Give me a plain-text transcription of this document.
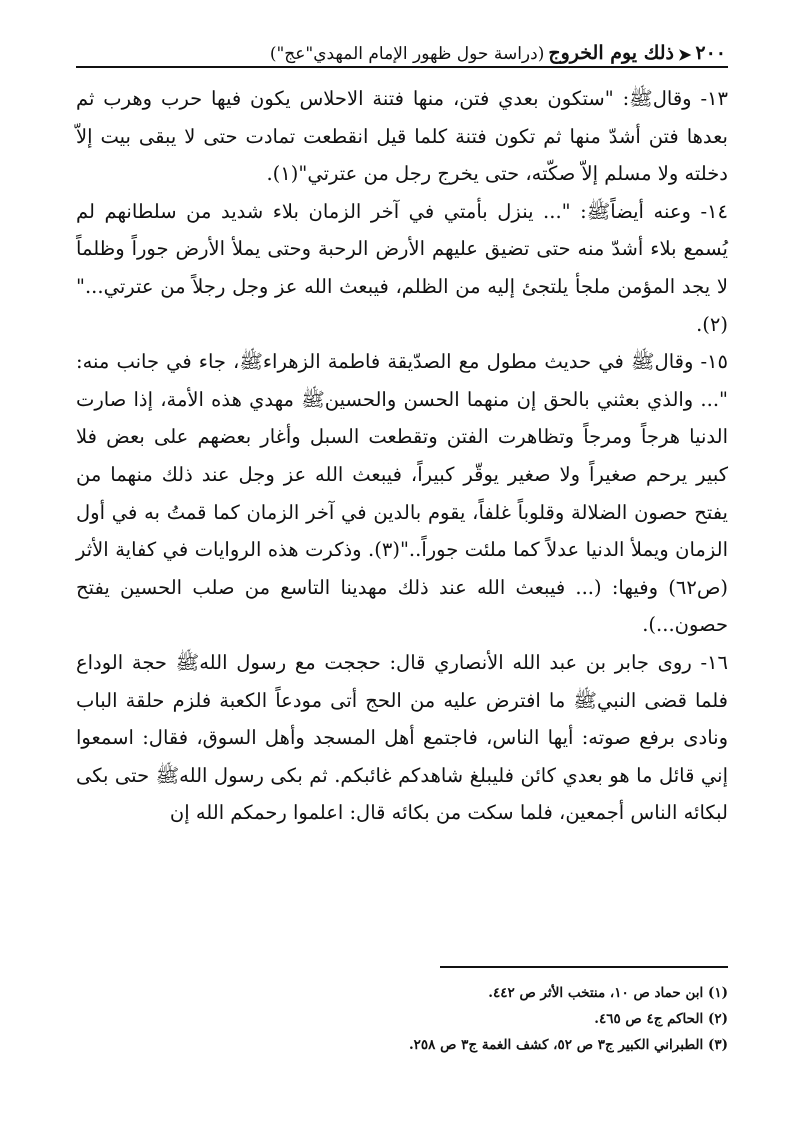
٢٠٠
➤
ذلك يوم الخروج
(دراسة حول ظهور الإمام المهدي"عج")

١٣- وقالﷺ: "ستكون بعدي فتن، منها فتنة الاحلاس يكون فيها حرب وهرب ثم بعدها فتن أشدّ منها ثم تكون فتنة كلما قيل انقطعت تمادت حتى لا يبقى بيت إلاّ دخلته ولا مسلم إلاّ صكّته، حتى يخرج رجل من عترتي"(١).

١٤- وعنه أيضاًﷺ: "... ينزل بأمتي في آخر الزمان بلاء شديد من سلطانهم لم يُسمع بلاء أشدّ منه حتى تضيق عليهم الأرض الرحبة وحتى يملأ الأرض جوراً وظلماً لا يجد المؤمن ملجأ يلتجئ إليه من الظلم، فيبعث الله عز وجل رجلاً من عترتي..."(٢).

١٥- وقالﷺ في حديث مطول مع الصدّيقة فاطمة الزهراءﷺ، جاء في جانب منه: "... والذي بعثني بالحق إن منهما الحسن والحسينﷺ مهدي هذه الأمة، إذا صارت الدنيا هرجاً ومرجاً وتظاهرت الفتن وتقطعت السبل وأغار بعضهم على بعض فلا كبير يرحم صغيراً ولا صغير يوقّر كبيراً، فيبعث الله عز وجل عند ذلك منهما من يفتح حصون الضلالة وقلوباً غلفاً، يقوم بالدين في آخر الزمان كما قمتُ به في أول الزمان ويملأ الدنيا عدلاً كما ملئت جوراً.."(٣). وذكرت هذه الروايات في كفاية الأثر (ص٦٢) وفيها: (... فيبعث الله عند ذلك مهدينا التاسع من صلب الحسين يفتح حصون...).

١٦- روى جابر بن عبد الله الأنصاري قال: حججت مع رسول اللهﷺ حجة الوداع فلما قضى النبيﷺ ما افترض عليه من الحج أتى مودعاً الكعبة فلزم حلقة الباب ونادى برفع صوته: أيها الناس، فاجتمع أهل المسجد وأهل السوق، فقال: اسمعوا إني قائل ما هو بعدي كائن فليبلغ شاهدكم غائبكم. ثم بكى رسول اللهﷺ حتى بكى لبكائه الناس أجمعين، فلما سكت من بكائه قال: اعلموا رحمكم الله إن

(١) ابن حماد ص ١٠، منتخب الأثر ص ٤٤٢.
(٢) الحاكم ج٤ ص ٤٦٥.
(٣) الطبراني الكبير ج٣ ص ٥٢، كشف الغمة ج٣ ص ٢٥٨.
